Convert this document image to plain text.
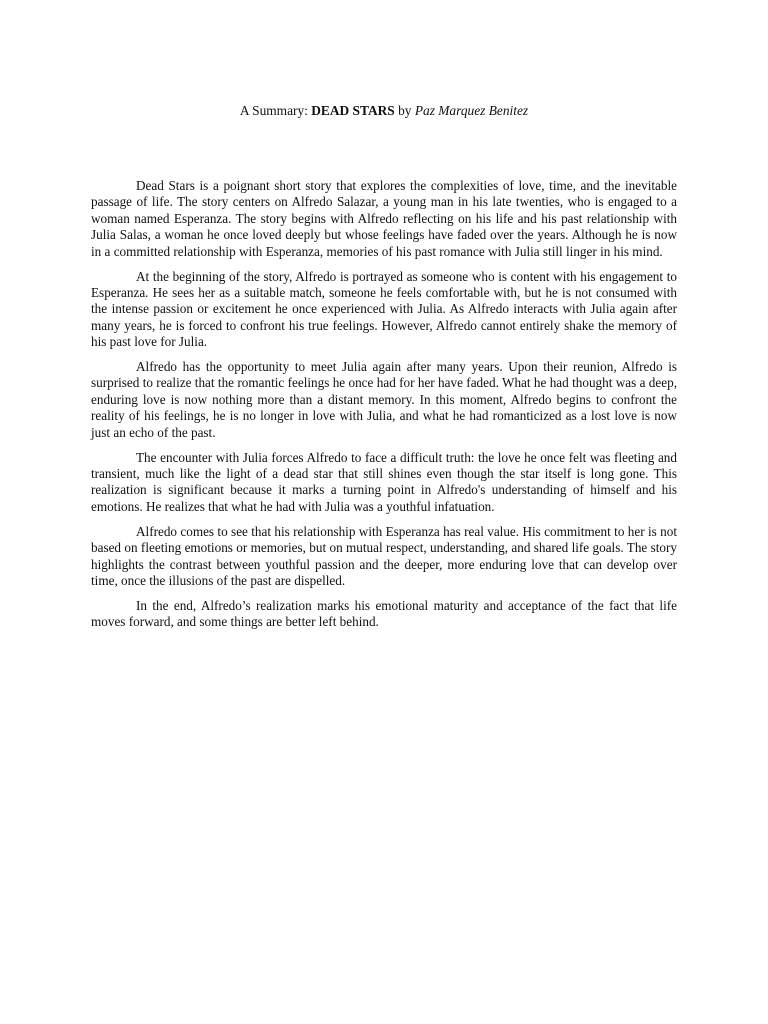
A Summary: DEAD STARS by Paz Marquez Benitez

Dead Stars is a poignant short story that explores the complexities of love, time, and the inevitable passage of life. The story centers on Alfredo Salazar, a young man in his late twenties, who is engaged to a woman named Esperanza. The story begins with Alfredo reflecting on his life and his past relationship with Julia Salas, a woman he once loved deeply but whose feelings have faded over the years. Although he is now in a committed relationship with Esperanza, memories of his past romance with Julia still linger in his mind.

At the beginning of the story, Alfredo is portrayed as someone who is content with his engagement to Esperanza. He sees her as a suitable match, someone he feels comfortable with, but he is not consumed with the intense passion or excitement he once experienced with Julia. As Alfredo interacts with Julia again after many years, he is forced to confront his true feelings. However, Alfredo cannot entirely shake the memory of his past love for Julia.

Alfredo has the opportunity to meet Julia again after many years. Upon their reunion, Alfredo is surprised to realize that the romantic feelings he once had for her have faded. What he had thought was a deep, enduring love is now nothing more than a distant memory. In this moment, Alfredo begins to confront the reality of his feelings, he is no longer in love with Julia, and what he had romanticized as a lost love is now just an echo of the past.

The encounter with Julia forces Alfredo to face a difficult truth: the love he once felt was fleeting and transient, much like the light of a dead star that still shines even though the star itself is long gone. This realization is significant because it marks a turning point in Alfredo's understanding of himself and his emotions. He realizes that what he had with Julia was a youthful infatuation.

Alfredo comes to see that his relationship with Esperanza has real value. His commitment to her is not based on fleeting emotions or memories, but on mutual respect, understanding, and shared life goals. The story highlights the contrast between youthful passion and the deeper, more enduring love that can develop over time, once the illusions of the past are dispelled.

In the end, Alfredo’s realization marks his emotional maturity and acceptance of the fact that life moves forward, and some things are better left behind.
